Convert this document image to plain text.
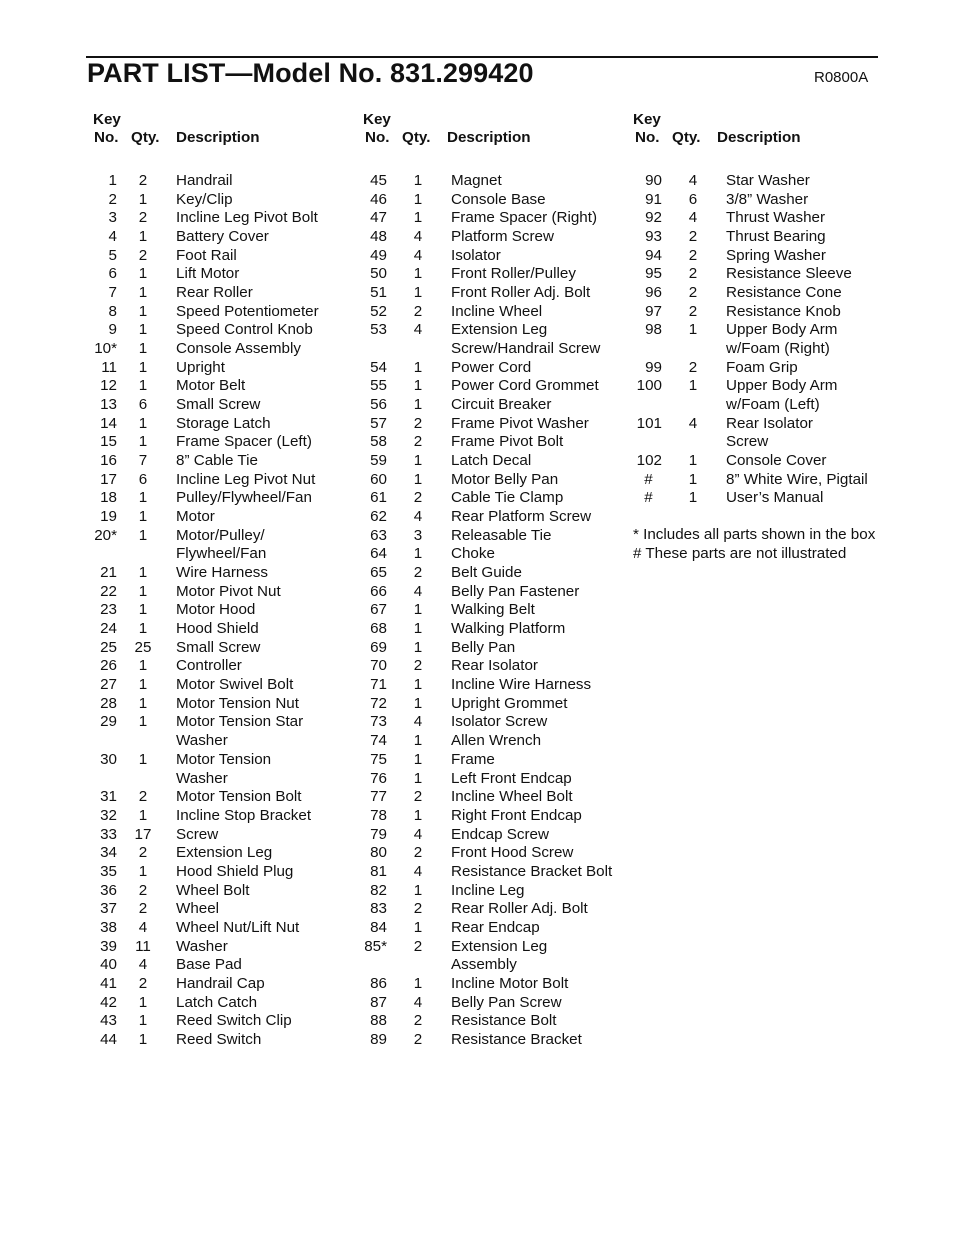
PART LIST—Model No. 831.299420	R0800A
Key
No. Qty. Description
1	2	Handrail
2	1	Key/Clip
3	2	Incline Leg Pivot Bolt
4	1	Battery Cover
5	2	Foot Rail
6	1	Lift Motor
7	1	Rear Roller
8	1	Speed Potentiometer
9	1	Speed Control Knob
10*	1	Console Assembly
11	1	Upright
12	1	Motor Belt
13	6	Small Screw
14	1	Storage Latch
15	1	Frame Spacer (Left)
16	7	8” Cable Tie
17	6	Incline Leg Pivot Nut
18	1	Pulley/Flywheel/Fan
19	1	Motor
20*	1	Motor/Pulley/
Flywheel/Fan
21	1	Wire Harness
22	1	Motor Pivot Nut
23	1	Motor Hood
24	1	Hood Shield
25	25	Small Screw
26	1	Controller
27	1	Motor Swivel Bolt
28	1	Motor Tension Nut
29	1	Motor Tension Star
Washer
30	1	Motor Tension
Washer
31	2	Motor Tension Bolt
32	1	Incline Stop Bracket
33	17	Screw
34	2	Extension Leg
35	1	Hood Shield Plug
36	2	Wheel Bolt
37	2	Wheel
38	4	Wheel Nut/Lift Nut
39	11	Washer
40	4	Base Pad
41	2	Handrail Cap
42	1	Latch Catch
43	1	Reed Switch Clip
44	1	Reed Switch
Key
No. Qty. Description
45	1	Magnet
46	1	Console Base
47	1	Frame Spacer (Right)
48	4	Platform Screw
49	4	Isolator
50	1	Front Roller/Pulley
51	1	Front Roller Adj. Bolt
52	2	Incline Wheel
53	4	Extension Leg
Screw/Handrail Screw
54	1	Power Cord
55	1	Power Cord Grommet
56	1	Circuit Breaker
57	2	Frame Pivot Washer
58	2	Frame Pivot Bolt
59	1	Latch Decal
60	1	Motor Belly Pan
61	2	Cable Tie Clamp
62	4	Rear Platform Screw
63	3	Releasable Tie
64	1	Choke
65	2	Belt Guide
66	4	Belly Pan Fastener
67	1	Walking Belt
68	1	Walking Platform
69	1	Belly Pan
70	2	Rear Isolator
71	1	Incline Wire Harness
72	1	Upright Grommet
73	4	Isolator Screw
74	1	Allen Wrench
75	1	Frame
76	1	Left Front Endcap
77	2	Incline Wheel Bolt
78	1	Right Front Endcap
79	4	Endcap Screw
80	2	Front Hood Screw
81	4	Resistance Bracket Bolt
82	1	Incline Leg
83	2	Rear Roller Adj. Bolt
84	1	Rear Endcap
85*	2	Extension Leg
Assembly
86	1	Incline Motor Bolt
87	4	Belly Pan Screw
88	2	Resistance Bolt
89	2	Resistance Bracket
Key
No. Qty. Description
90	4	Star Washer
91	6	3/8” Washer
92	4	Thrust Washer
93	2	Thrust Bearing
94	2	Spring Washer
95	2	Resistance Sleeve
96	2	Resistance Cone
97	2	Resistance Knob
98	1	Upper Body Arm
w/Foam (Right)
99	2	Foam Grip
100	1	Upper Body Arm
w/Foam (Left)
101	4	Rear Isolator
Screw
102	1	Console Cover
#	1	8” White Wire, Pigtail
#	1	User’s Manual
* Includes all parts shown in the box
# These parts are not illustrated
